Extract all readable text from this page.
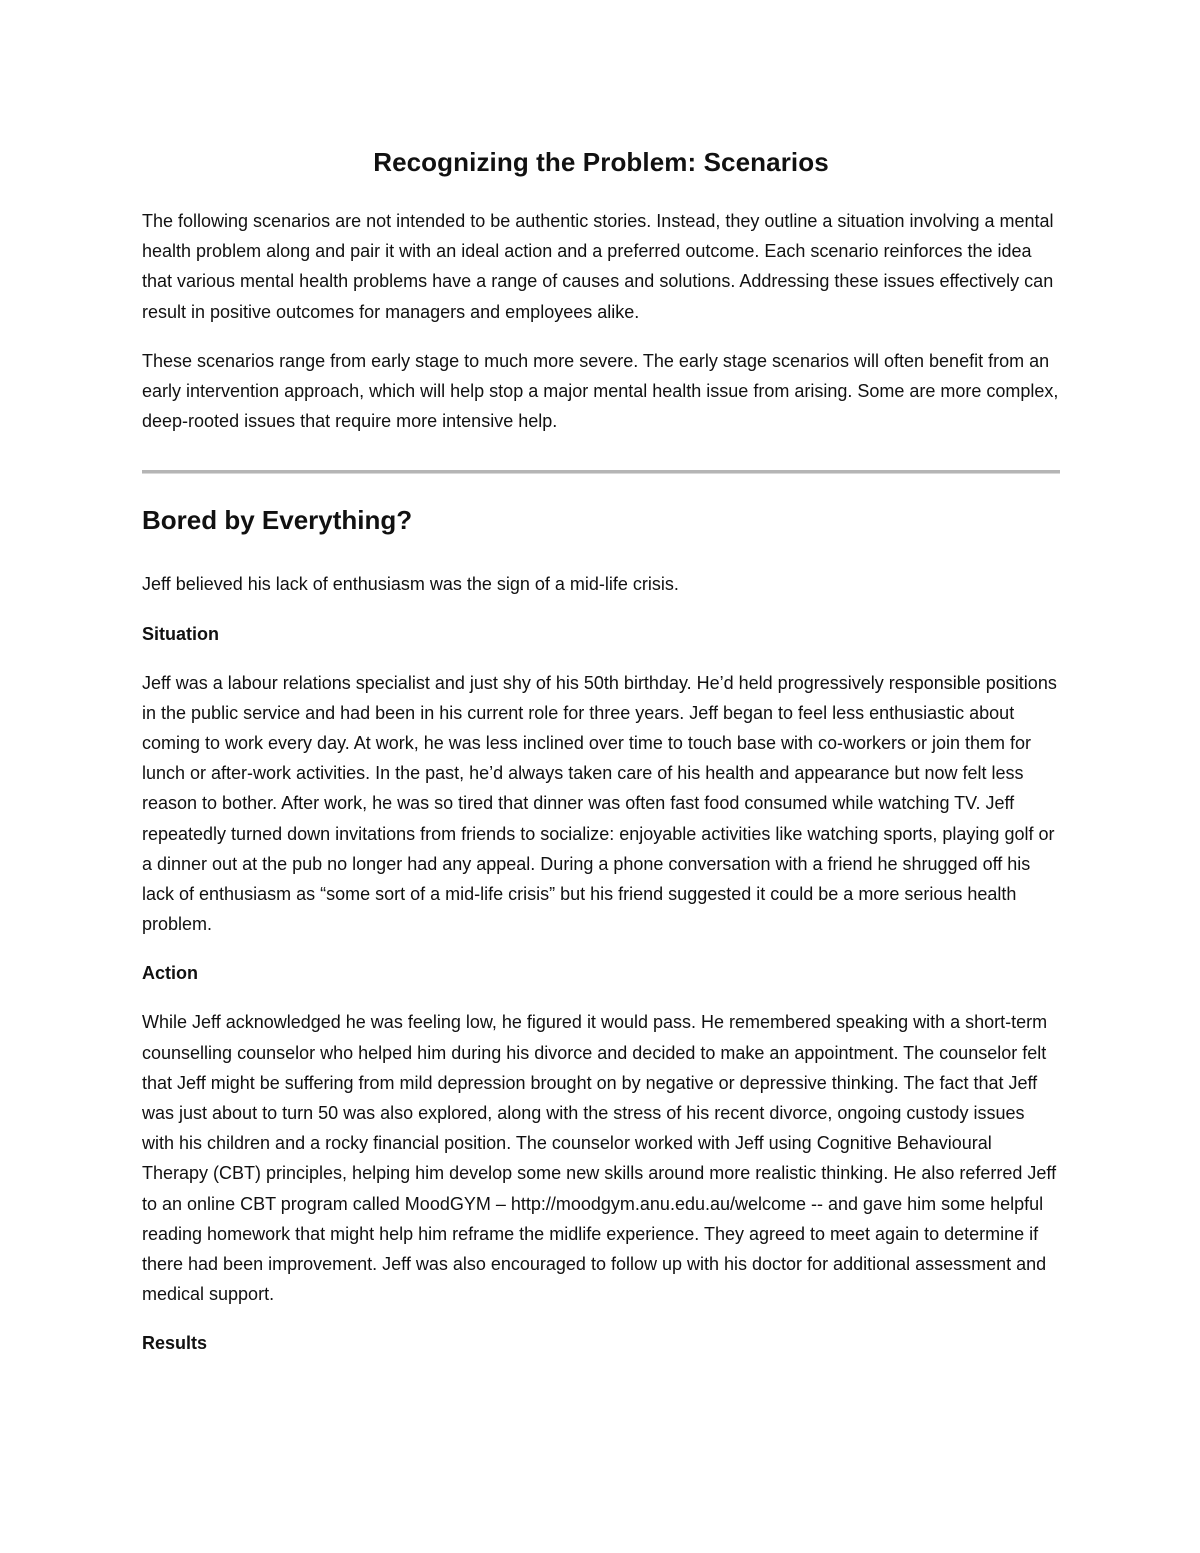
Recognizing the Problem: Scenarios

The following scenarios are not intended to be authentic stories. Instead, they outline a situation involving a mental health problem along and pair it with an ideal action and a preferred outcome. Each scenario reinforces the idea that various mental health problems have a range of causes and solutions. Addressing these issues effectively can result in positive outcomes for managers and employees alike.

These scenarios range from early stage to much more severe. The early stage scenarios will often benefit from an early intervention approach, which will help stop a major mental health issue from arising. Some are more complex, deep-rooted issues that require more intensive help.

Bored by Everything?

Jeff believed his lack of enthusiasm was the sign of a mid-life crisis.

Situation

Jeff was a labour relations specialist and just shy of his 50th birthday. He’d held progressively responsible positions in the public service and had been in his current role for three years. Jeff began to feel less enthusiastic about coming to work every day. At work, he was less inclined over time to touch base with co-workers or join them for lunch or after-work activities. In the past, he’d always taken care of his health and appearance but now felt less reason to bother. After work, he was so tired that dinner was often fast food consumed while watching TV. Jeff repeatedly turned down invitations from friends to socialize: enjoyable activities like watching sports, playing golf or a dinner out at the pub no longer had any appeal. During a phone conversation with a friend he shrugged off his lack of enthusiasm as “some sort of a mid-life crisis” but his friend suggested it could be a more serious health problem.

Action

While Jeff acknowledged he was feeling low, he figured it would pass. He remembered speaking with a short-term counselling counselor who helped him during his divorce and decided to make an appointment. The counselor felt that Jeff might be suffering from mild depression brought on by negative or depressive thinking. The fact that Jeff was just about to turn 50 was also explored, along with the stress of his recent divorce, ongoing custody issues with his children and a rocky financial position. The counselor worked with Jeff using Cognitive Behavioural Therapy (CBT) principles, helping him develop some new skills around more realistic thinking. He also referred Jeff to an online CBT program called MoodGYM – http://moodgym.anu.edu.au/welcome -- and gave him some helpful reading homework that might help him reframe the midlife experience. They agreed to meet again to determine if there had been improvement. Jeff was also encouraged to follow up with his doctor for additional assessment and medical support.

Results
